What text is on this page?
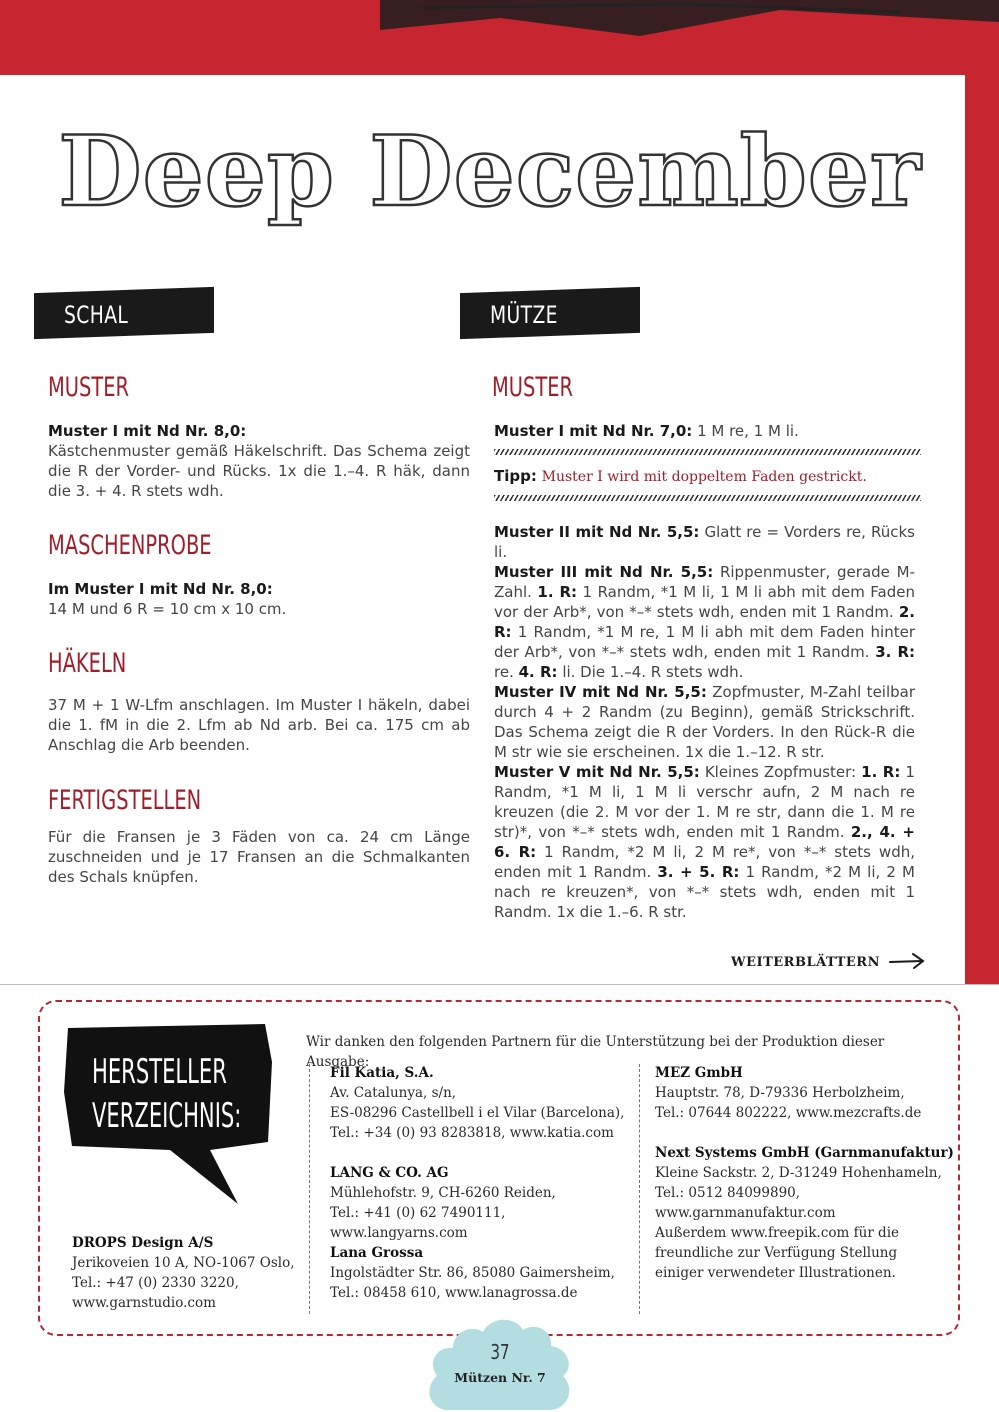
Deep December
SCHAL	MÜTZE
MUSTER
Muster I mit Nd Nr. 8,0:
Kästchenmuster gemäß Häkelschrift. Das Schema zeigt die R der Vorder- und Rücks. 1x die 1.–4. R häk, dann die 3. + 4. R stets wdh.
MASCHENPROBE
Im Muster I mit Nd Nr. 8,0:
14 M und 6 R = 10 cm x 10 cm.
HÄKELN
37 M + 1 W-Lfm anschlagen. Im Muster I häkeln, dabei die 1. fM in die 2. Lfm ab Nd arb. Bei ca. 175 cm ab Anschlag die Arb beenden.
FERTIGSTELLEN
Für die Fransen je 3 Fäden von ca. 24 cm Länge zuschneiden und je 17 Fransen an die Schmalkanten des Schals knüpfen.
MUSTER
Muster I mit Nd Nr. 7,0: 1 M re, 1 M li.
Tipp: Muster I wird mit doppeltem Faden gestrickt.
Muster II mit Nd Nr. 5,5: Glatt re = Vorders re, Rücks li.
Muster III mit Nd Nr. 5,5: Rippenmuster, gerade M-Zahl. 1. R: 1 Randm, *1 M li, 1 M li abh mit dem Faden vor der Arb*, von *–* stets wdh, enden mit 1 Randm. 2. R: 1 Randm, *1 M re, 1 M li abh mit dem Faden hinter der Arb*, von *–* stets wdh, enden mit 1 Randm. 3. R: re. 4. R: li. Die 1.–4. R stets wdh.
Muster IV mit Nd Nr. 5,5: Zopfmuster, M-Zahl teilbar durch 4 + 2 Randm (zu Beginn), gemäß Strickschrift. Das Schema zeigt die R der Vorders. In den Rück-R die M str wie sie erscheinen. 1x die 1.–12. R str.
Muster V mit Nd Nr. 5,5: Kleines Zopfmuster: 1. R: 1 Randm, *1 M li, 1 M li verschr aufn, 2 M nach re kreuzen (die 2. M vor der 1. M re str, dann die 1. M re str)*, von *–* stets wdh, enden mit 1 Randm. 2., 4. + 6. R: 1 Randm, *2 M li, 2 M re*, von *–* stets wdh, enden mit 1 Randm. 3. + 5. R: 1 Randm, *2 M li, 2 M nach re kreuzen*, von *–* stets wdh, enden mit 1 Randm. 1x die 1.–6. R str.
WEITERBLÄTTERN
HERSTELLER
VERZEICHNIS:
Wir danken den folgenden Partnern für die Unterstützung bei der Produktion dieser Ausgabe:
DROPS Design A/S
Jerikoveien 10 A, NO-1067 Oslo,
Tel.: +47 (0) 2330 3220,
www.garnstudio.com
Fil Katia, S.A.
Av. Catalunya, s/n,
ES-08296 Castellbell i el Vilar (Barcelona),
Tel.: +34 (0) 93 8283818, www.katia.com
LANG & CO. AG
Mühlehofstr. 9, CH-6260 Reiden,
Tel.: +41 (0) 62 7490111, www.langyarns.com
Lana Grossa
Ingolstädter Str. 86, 85080 Gaimersheim,
Tel.: 08458 610, www.lanagrossa.de
MEZ GmbH
Hauptstr. 78, D-79336 Herbolzheim,
Tel.: 07644 802222, www.mezcrafts.de
Next Systems GmbH (Garnmanufaktur)
Kleine Sackstr. 2, D-31249 Hohenhameln,
Tel.: 0512 84099890, www.garnmanufaktur.com
Außerdem www.freepik.com für die
freundliche zur Verfügung Stellung
einiger verwendeter Illustrationen.
37
Mützen Nr. 7
